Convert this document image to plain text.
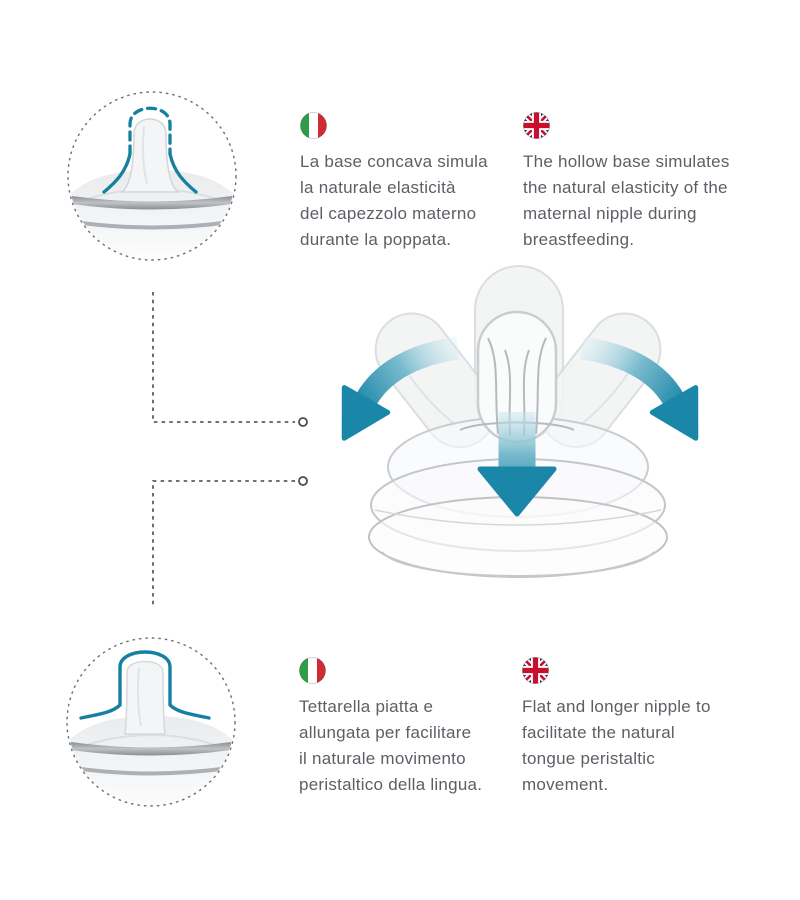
La base concava simula
la naturale elasticità
del capezzolo materno
durante la poppata.
The hollow base simulates
the natural elasticity of the
maternal nipple during
breastfeeding.
Tettarella piatta e
allungata per facilitare
il naturale movimento
peristaltico della lingua.
Flat and longer nipple to
facilitate the natural
tongue peristaltic
movement.
